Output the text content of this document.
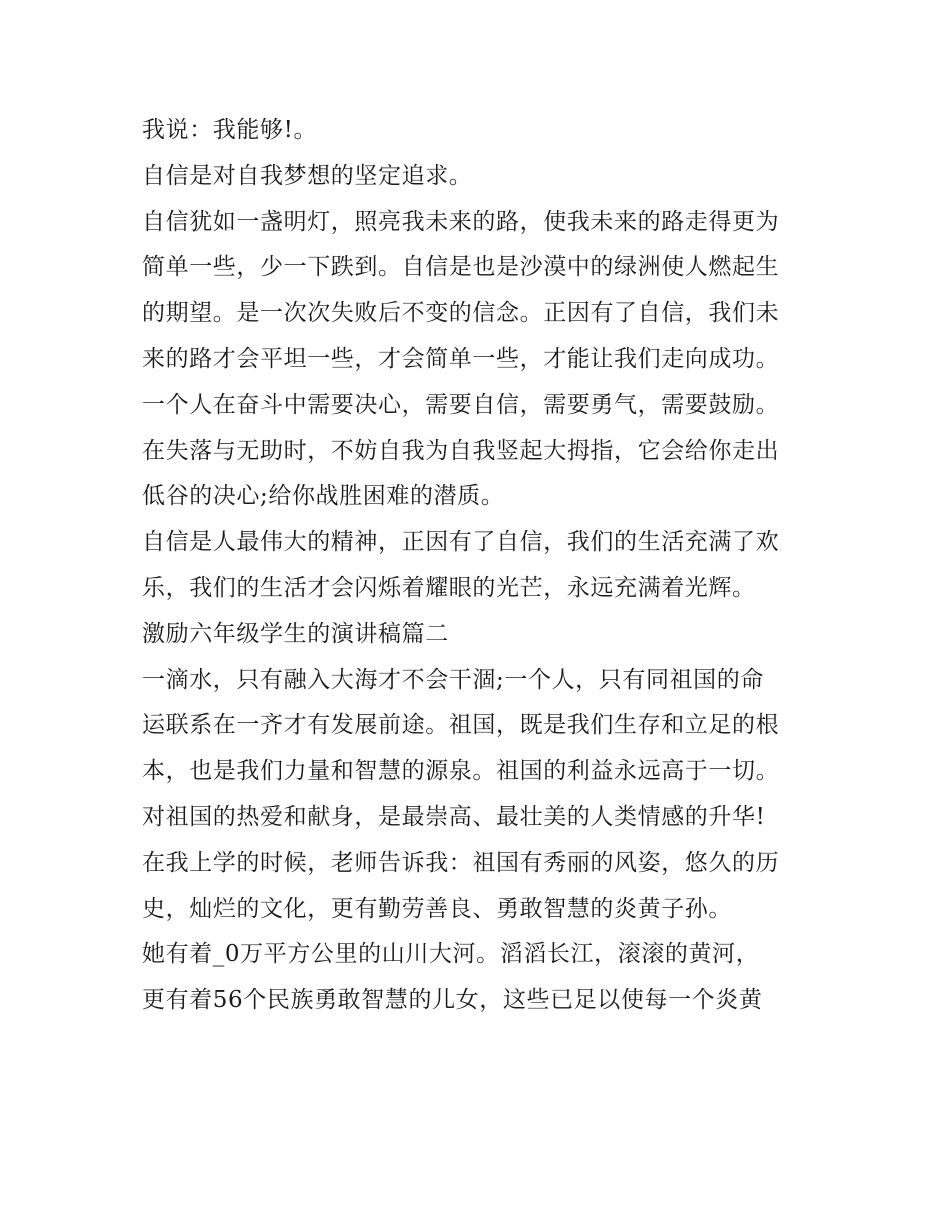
我说：我能够!。
自信是对自我梦想的坚定追求。
自信犹如一盏明灯，照亮我未来的路，使我未来的路走得更为
简单一些，少一下跌到。自信是也是沙漠中的绿洲使人燃起生
的期望。是一次次失败后不变的信念。正因有了自信，我们未
来的路才会平坦一些，才会简单一些，才能让我们走向成功。
一个人在奋斗中需要决心，需要自信，需要勇气，需要鼓励。
在失落与无助时，不妨自我为自我竖起大拇指，它会给你走出
低谷的决心;给你战胜困难的潜质。
自信是人最伟大的精神，正因有了自信，我们的生活充满了欢
乐，我们的生活才会闪烁着耀眼的光芒，永远充满着光辉。
激励六年级学生的演讲稿篇二
一滴水，只有融入大海才不会干涸;一个人，只有同祖国的命
运联系在一齐才有发展前途。祖国，既是我们生存和立足的根
本，也是我们力量和智慧的源泉。祖国的利益永远高于一切。
对祖国的热爱和献身，是最崇高、最壮美的人类情感的升华!
在我上学的时候，老师告诉我：祖国有秀丽的风姿，悠久的历
史，灿烂的文化，更有勤劳善良、勇敢智慧的炎黄子孙。
她有着_0万平方公里的山川大河。滔滔长江，滚滚的黄河，
更有着56个民族勇敢智慧的儿女，这些已足以使每一个炎黄
